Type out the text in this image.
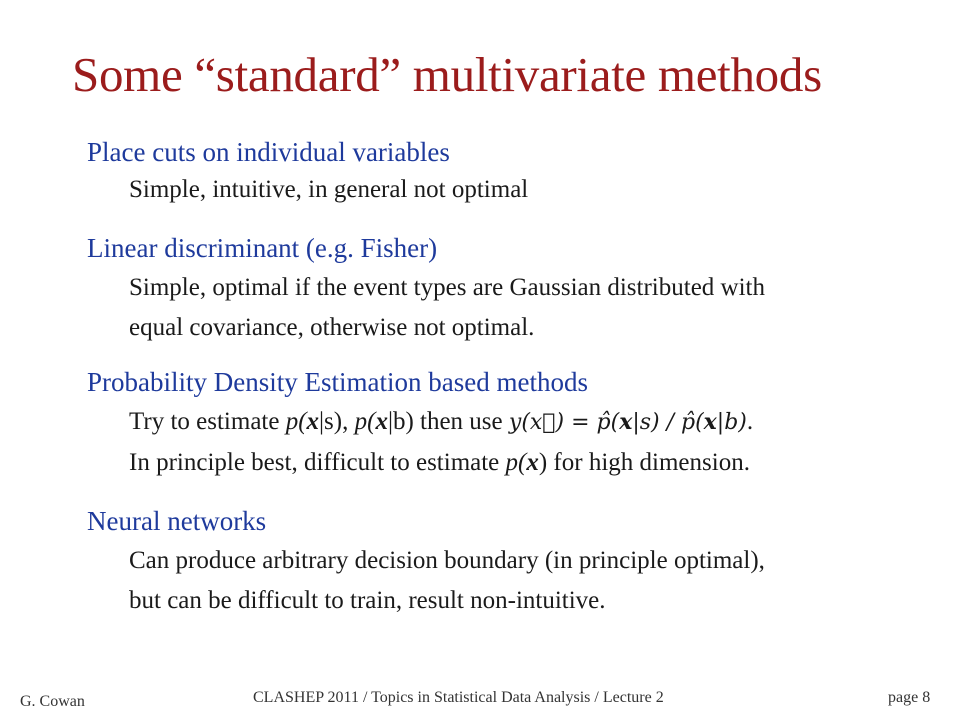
Some “standard” multivariate methods
Place cuts on individual variables
Simple, intuitive, in general not optimal
Linear discriminant (e.g. Fisher)
Simple, optimal if the event types are Gaussian distributed with
equal covariance, otherwise not optimal.
Probability Density Estimation based methods
Try to estimate p(x|s), p(x|b) then use y(x⃗) = p̂(x|s) / p̂(x|b).
In principle best, difficult to estimate p(x) for high dimension.
Neural networks
Can produce arbitrary decision boundary (in principle optimal),
but can be difficult to train, result non-intuitive.
G. Cowan	CLASHEP 2011 / Topics in Statistical Data Analysis / Lecture 2	page 8
